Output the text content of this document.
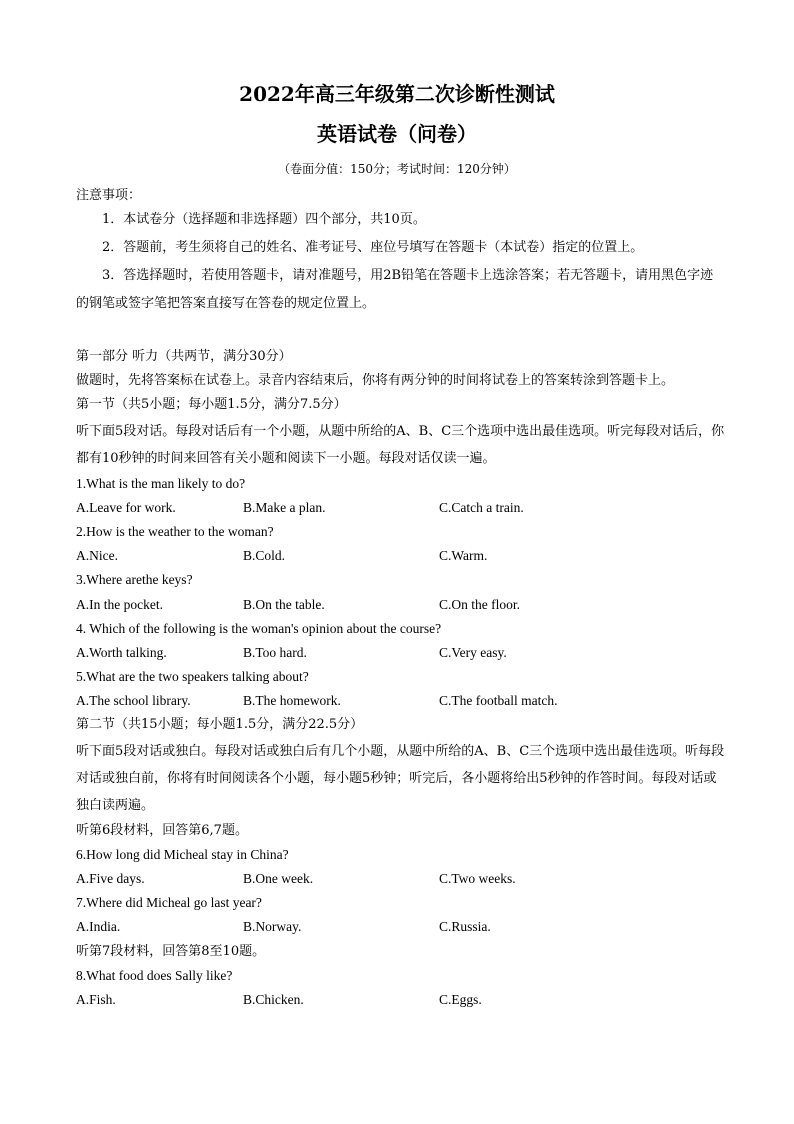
2022年高三年级第二次诊断性测试
英语试卷（问卷）
（卷面分值：150分；考试时间：120分钟）
注意事项：

1．本试卷分（选择题和非选择题）四个部分，共10页。

2．答题前，考生须将自己的姓名、准考证号、座位号填写在答题卡（本试卷）指定的位置上。

3．答选择题时，若使用答题卡，请对准题号，用2B铅笔在答题卡上选涂答案；若无答题卡，请用黑色字迹的钢笔或签字笔把答案直接写在答卷的规定位置上。

第一部分 听力（共两节，满分30分）
做题时，先将答案标在试卷上。录音内容结束后，你将有两分钟的时间将试卷上的答案转涂到答题卡上。
第一节（共5小题；每小题1.5分，满分7.5分）
听下面5段对话。每段对话后有一个小题，从题中所给的A、B、C三个选项中选出最佳选项。听完每段对话后，你都有10秒钟的时间来回答有关小题和阅读下一小题。每段对话仅读一遍。
1.What is the man likely to do?
A.Leave for work.	B.Make a plan.	C.Catch a train.
2.How is the weather to the woman?
A.Nice.	B.Cold.	C.Warm.
3.Where arethe keys?
A.In the pocket.	B.On the table.	C.On the floor.
4. Which of the following is the woman's opinion about the course?
A.Worth talking.	B.Too hard.	C.Very easy.
5.What are the two speakers talking about?
A.The school library.	B.The homework.	C.The football match.
第二节（共15小题；每小题1.5分，满分22.5分）
听下面5段对话或独白。每段对话或独白后有几个小题，从题中所给的A、B、C三个选项中选出最佳选项。听每段对话或独白前，你将有时间阅读各个小题，每小题5秒钟；听完后，各小题将给出5秒钟的作答时间。每段对话或独白读两遍。
听第6段材料，回答第6,7题。
6.How long did Micheal stay in China?
A.Five days.	B.One week.	C.Two weeks.
7.Where did Micheal go last year?
A.India.	B.Norway.	C.Russia.
听第7段材料，回答第8至10题。
8.What food does Sally like?
A.Fish.	B.Chicken.	C.Eggs.
